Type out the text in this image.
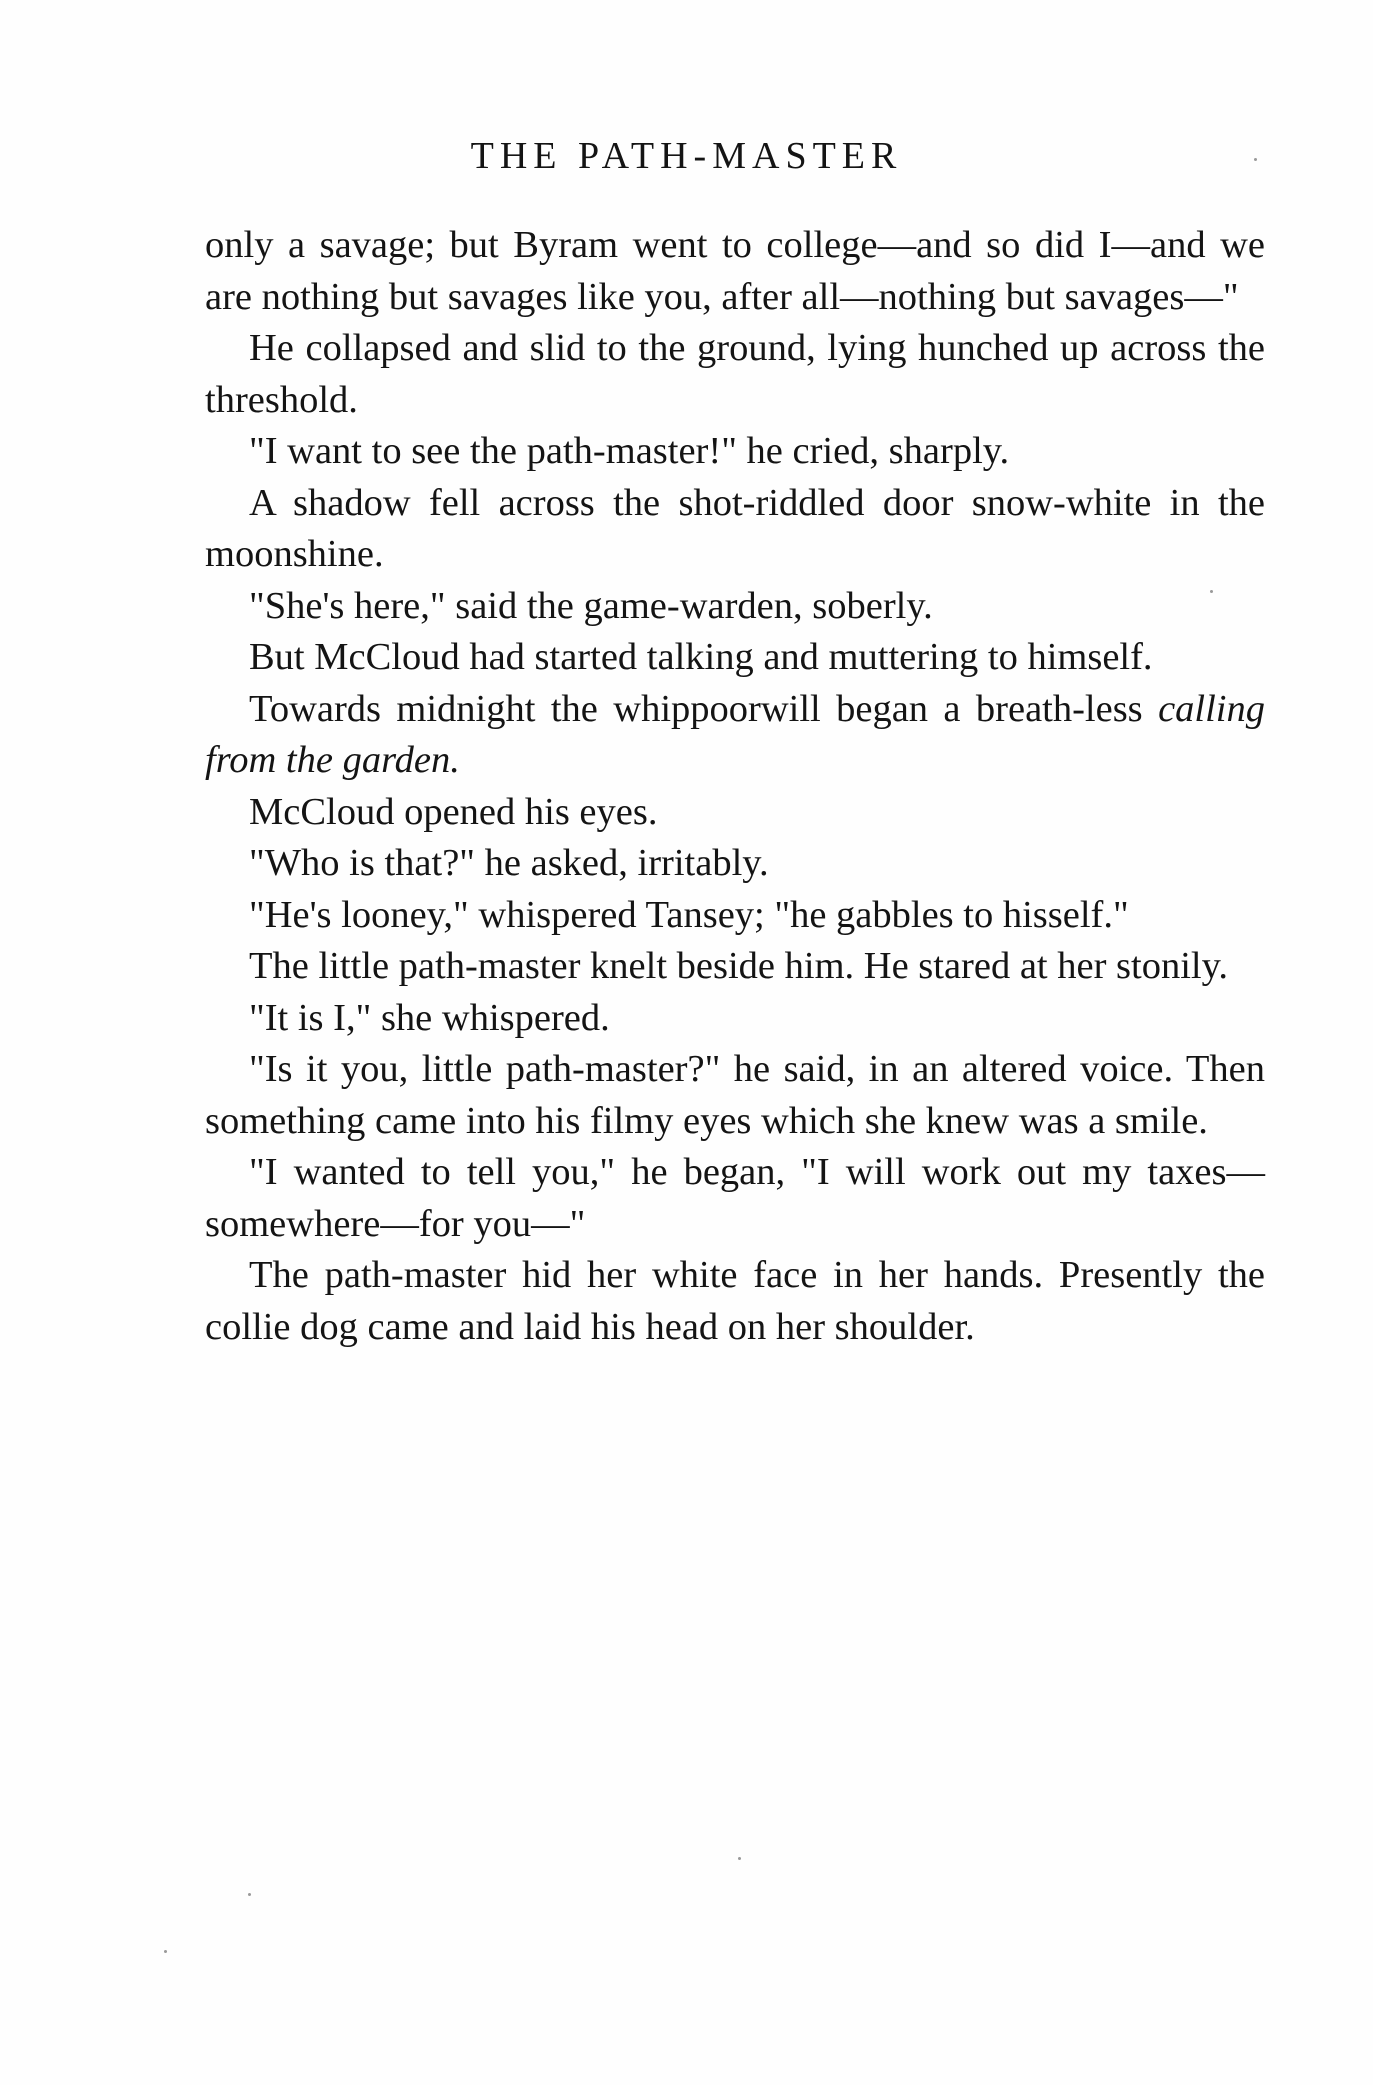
THE PATH-MASTER

only a savage; but Byram went to college—and so did I—and we are nothing but savages like you, after all—nothing but savages—"

He collapsed and slid to the ground, lying hunched up across the threshold.

"I want to see the path-master!" he cried, sharply.

A shadow fell across the shot-riddled door snow-white in the moonshine.

"She's here," said the game-warden, soberly.

But McCloud had started talking and muttering to himself.

Towards midnight the whippoorwill began a breath-less calling from the garden.

McCloud opened his eyes.

"Who is that?" he asked, irritably.

"He's looney," whispered Tansey; "he gabbles to hisself."

The little path-master knelt beside him. He stared at her stonily.

"It is I," she whispered.

"Is it you, little path-master?" he said, in an altered voice. Then something came into his filmy eyes which she knew was a smile.

"I wanted to tell you," he began, "I will work out my taxes—somewhere—for you—"

The path-master hid her white face in her hands. Presently the collie dog came and laid his head on her shoulder.
